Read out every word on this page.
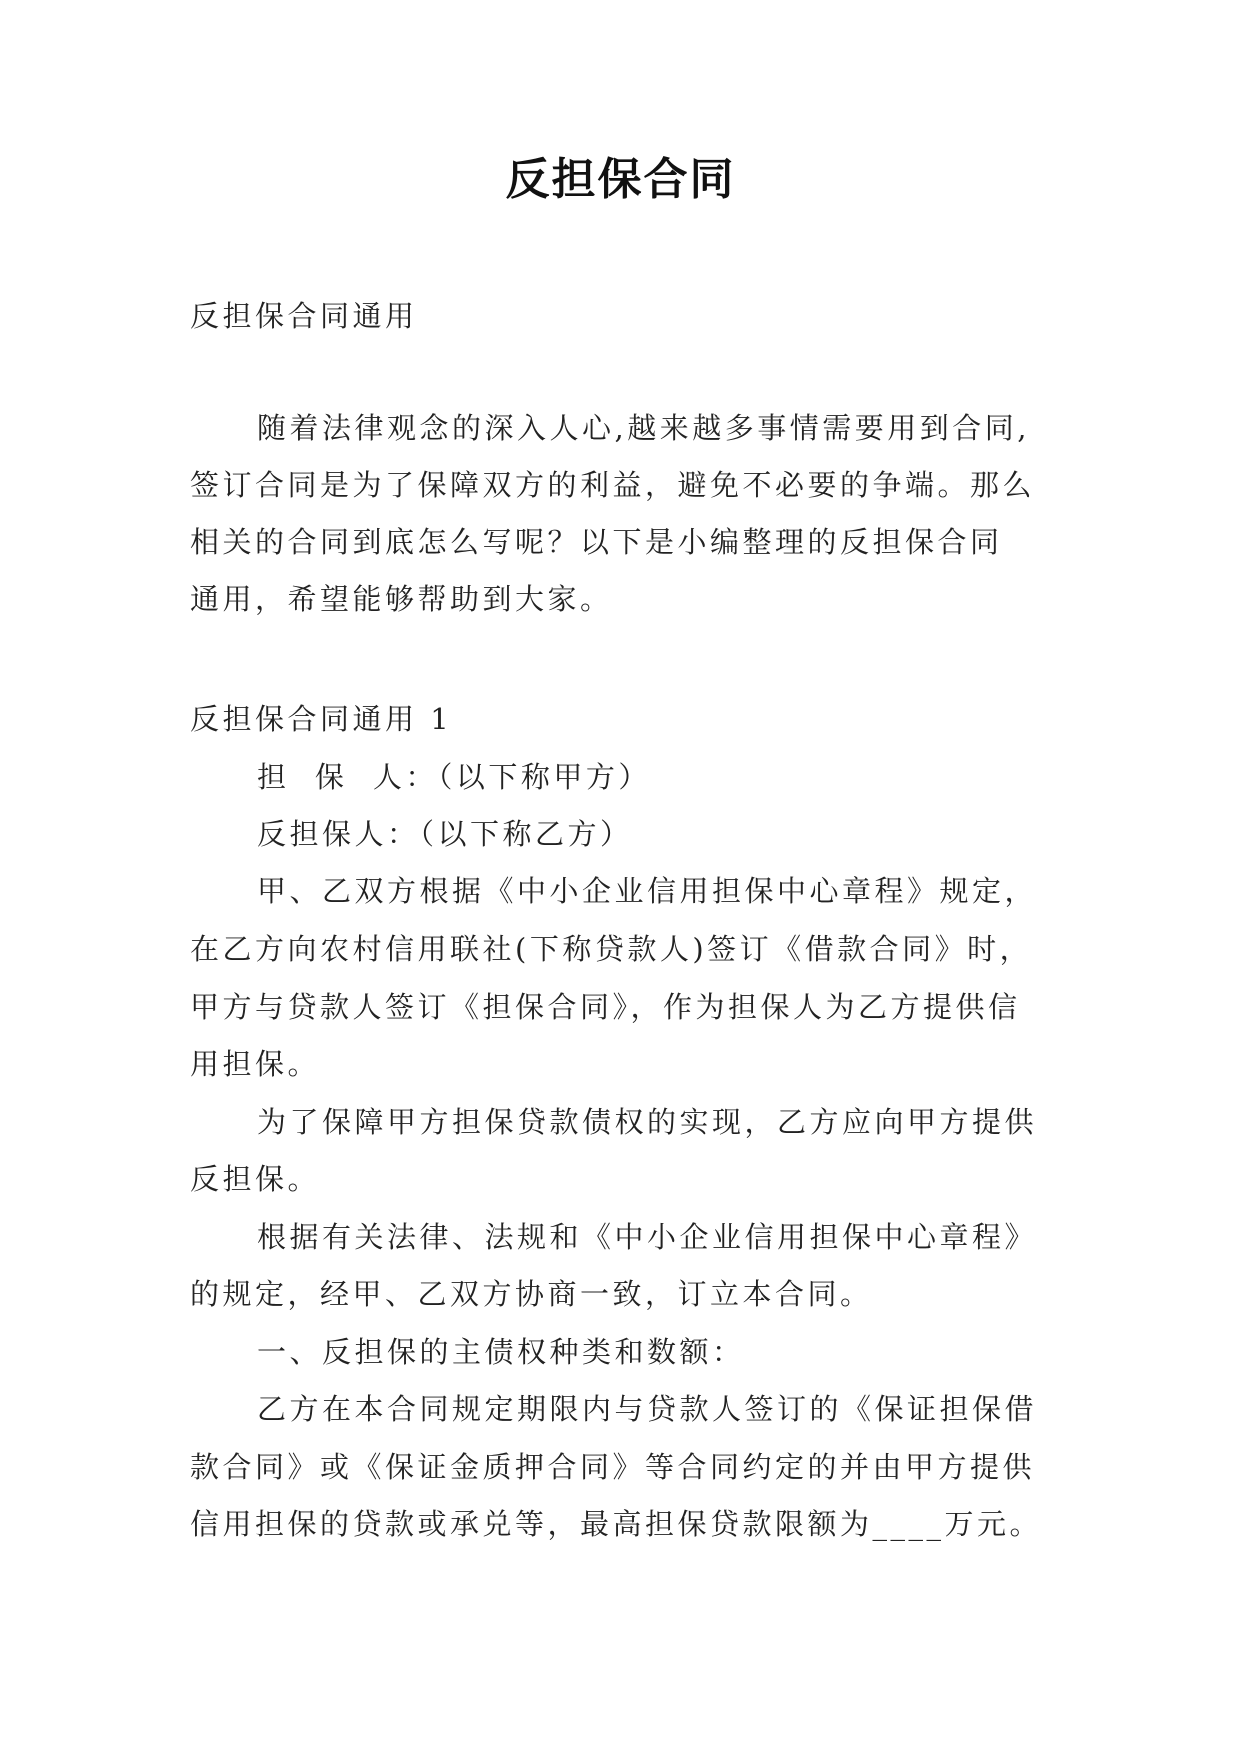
反担保合同
反担保合同通用
随着法律观念的深入人心,越来越多事情需要用到合同,
签订合同是为了保障双方的利益，避免不必要的争端。那么
相关的合同到底怎么写呢？以下是小编整理的反担保合同
通用，希望能够帮助到大家。
反担保合同通用 1
担  保  人：（以下称甲方）
反担保人：（以下称乙方）
甲、乙双方根据《中小企业信用担保中心章程》规定，
在乙方向农村信用联社(下称贷款人)签订《借款合同》时，
甲方与贷款人签订《担保合同》，作为担保人为乙方提供信
用担保。
为了保障甲方担保贷款债权的实现，乙方应向甲方提供
反担保。
根据有关法律、法规和《中小企业信用担保中心章程》
的规定，经甲、乙双方协商一致，订立本合同。
一、反担保的主债权种类和数额：
乙方在本合同规定期限内与贷款人签订的《保证担保借
款合同》或《保证金质押合同》等合同约定的并由甲方提供
信用担保的贷款或承兑等，最高担保贷款限额为____万元。
